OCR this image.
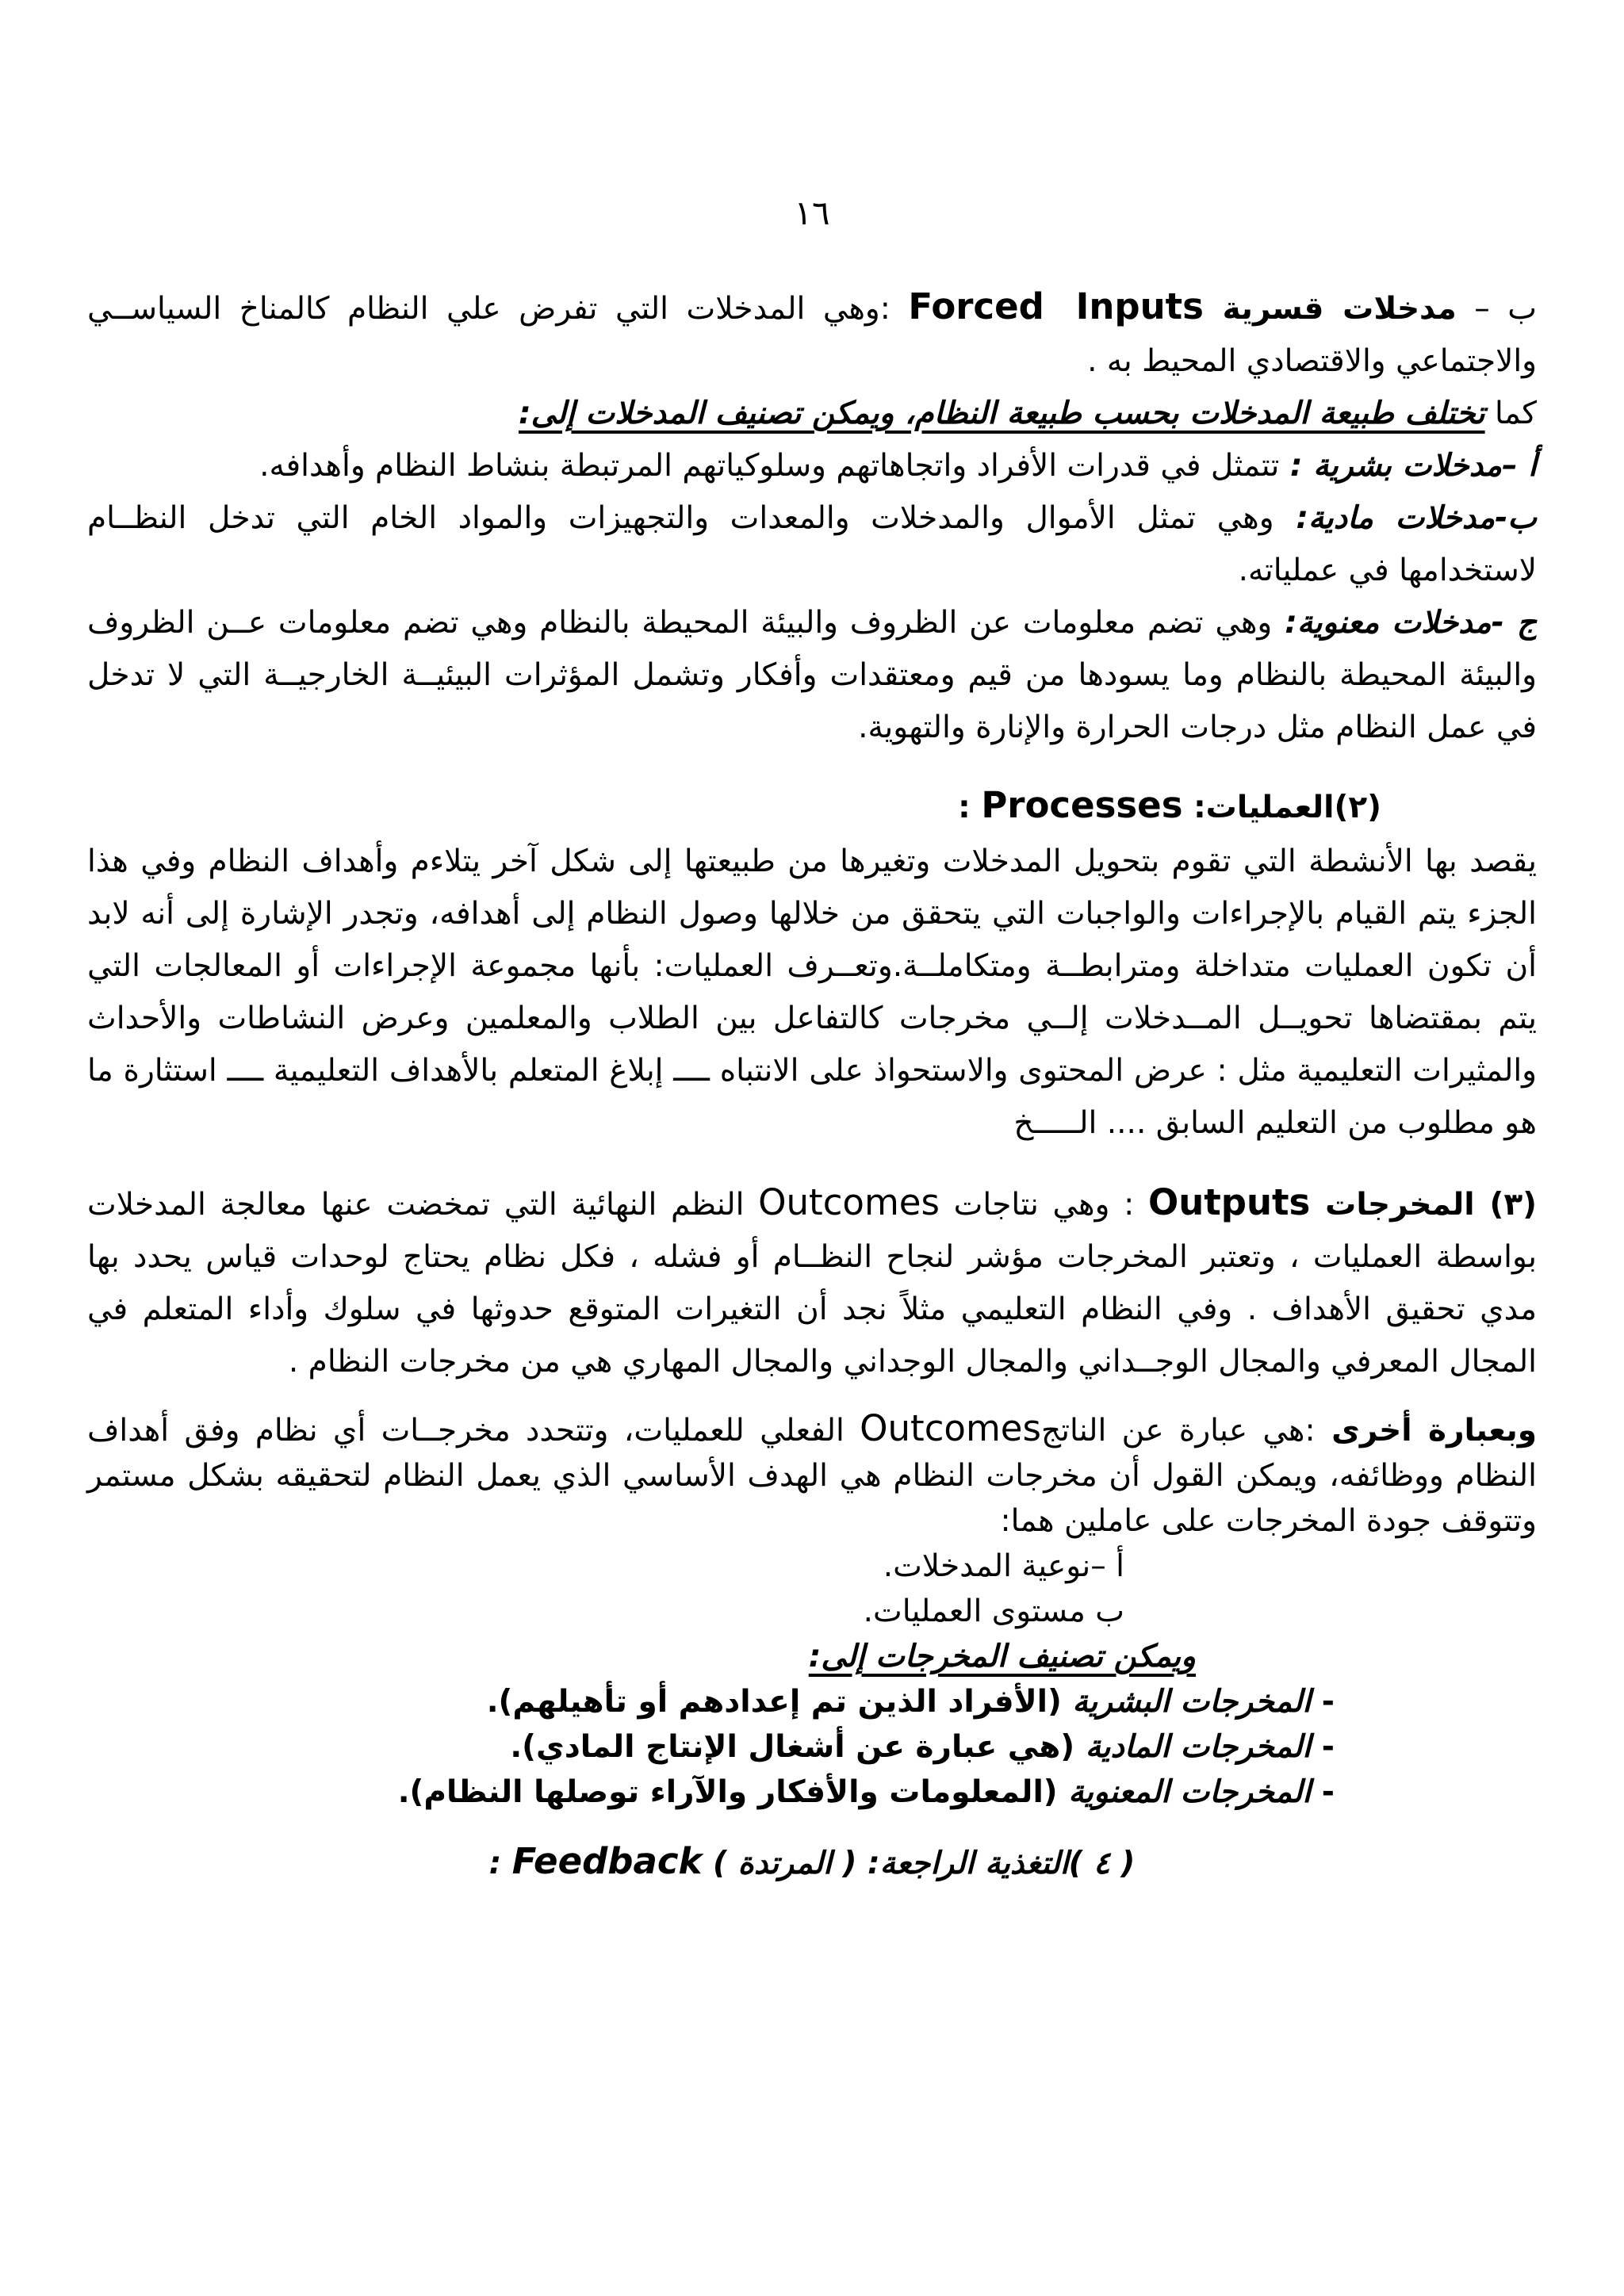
١٦

ب – مدخلات قسرية Forced Inputs :وهي المدخلات التي تفرض علي النظام كالمناخ السياســي والاجتماعي والاقتصادي المحيط به .

كما تختلف طبيعة المدخلات بحسب طبيعة النظام، ويمكن تصنيف المدخلات إلى:

أ –مدخلات بشرية : تتمثل في قدرات الأفراد واتجاهاتهم وسلوكياتهم المرتبطة بنشاط النظام وأهدافه.

ب-مدخلات مادية: وهي تمثل الأموال والمدخلات والمعدات والتجهيزات والمواد الخام التي تدخل النظــام لاستخدامها في عملياته.

ج -مدخلات معنوية: وهي تضم معلومات عن الظروف والبيئة المحيطة بالنظام وهي تضم معلومات عــن الظروف والبيئة المحيطة بالنظام وما يسودها من قيم ومعتقدات وأفكار وتشمل المؤثرات البيئيــة الخارجيــة التي لا تدخل في عمل النظام مثل درجات الحرارة والإنارة والتهوية.

(٢)العمليات: Processes :

يقصد بها الأنشطة التي تقوم بتحويل المدخلات وتغيرها من طبيعتها إلى شكل آخر يتلاءم وأهداف النظام وفي هذا الجزء يتم القيام بالإجراءات والواجبات التي يتحقق من خلالها وصول النظام إلى أهدافه، وتجدر الإشارة إلى أنه لابد أن تكون العمليات متداخلة ومترابطــة ومتكاملــة.وتعــرف العمليات: بأنها مجموعة الإجراءات أو المعالجات التي يتم بمقتضاها تحويــل المــدخلات إلــي مخرجات كالتفاعل بين الطلاب والمعلمين وعرض النشاطات والأحداث والمثيرات التعليمية مثل : عرض المحتوى والاستحواذ على الانتباه ــــ إبلاغ المتعلم بالأهداف التعليمية ــــ استثارة ما هو مطلوب من التعليم السابق .... الـــــخ

(٣) المخرجات Outputs : وهي نتاجات Outcomes النظم النهائية التي تمخضت عنها معالجة المدخلات بواسطة العمليات ، وتعتبر المخرجات مؤشر لنجاح النظــام أو فشله ، فكل نظام يحتاج لوحدات قياس يحدد بها مدي تحقيق الأهداف . وفي النظام التعليمي مثلاً نجد أن التغيرات المتوقع حدوثها في سلوك وأداء المتعلم في المجال المعرفي والمجال الوجــداني والمجال الوجداني والمجال المهاري هي من مخرجات النظام .

وبعبارة أخرى :هي عبارة عن الناتجOutcomes الفعلي للعمليات، وتتحدد مخرجــات أي نظام وفق أهداف النظام ووظائفه، ويمكن القول أن مخرجات النظام هي الهدف الأساسي الذي يعمل النظام لتحقيقه بشكل مستمر وتتوقف جودة المخرجات على عاملين هما:

أ –نوعية المدخلات.

ب مستوى العمليات.

ويمكن تصنيف المخرجات إلى:

- المخرجات البشرية (الأفراد الذين تم إعدادهم أو تأهيلهم).

- المخرجات المادية (هي عبارة عن أشغال الإنتاج المادي).

- المخرجات المعنوية (المعلومات والأفكار والآراء توصلها النظام).

( ٤ )التغذية الراجعة: ( المرتدة ) Feedback :
